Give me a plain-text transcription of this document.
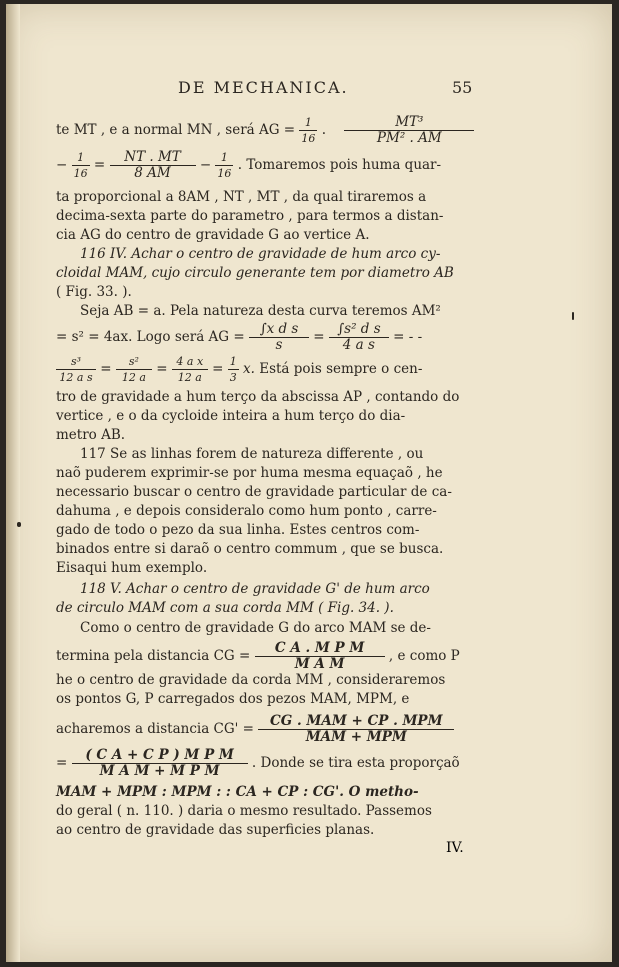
DE MECHANICA.	55
te MT , e a normal MN , será AG = $\frac{1}{16}$ . $\frac{\text{MT³}}{\text{PM² . AM}}$
− $\frac{1}{16} = \frac{NT . MT}{8 AM} - \frac{1}{16}$ . Tomaremos pois huma quar-
ta proporcional a 8AM , NT , MT , da qual tiraremos a
decima-sexta parte do parametro , para termos a distan-
cia AG do centro de gravidade G ao vertice A.
116 IV. Achar o centro de gravidade de hum arco cy-
cloidal MAM, cujo circulo generante tem por diametro AB
( Fig. 33. ).
Seja AB = a. Pela natureza desta curva teremos AM²
= s² = 4ax. Logo será AG = $\frac{\text{∫x d s}}{s} = \frac{\text{∫s² d s}}{\text{4 a s}}$ = - -
$\frac{\text{s³}}{\text{12 a s}} = \frac{\text{s²}}{12 a} = \frac{\text{4 a x}}{12 a} = \frac{1}{3} x$. Está pois sempre o cen-
tro de gravidade a hum terço da abscissa AP , contando do
vertice , e o da cycloide inteira a hum terço do dia-
metro AB.
117 Se as linhas forem de natureza differente , ou
naõ puderem exprimir-se por huma mesma equaçaõ , he
necessario buscar o centro de gravidade particular de ca-
dahuma , e depois consideralo como hum ponto , carre-
gado de todo o pezo da sua linha. Estes centros com-
binados entre si daraõ o centro commum , que se busca.
Eisaqui hum exemplo.
118 V. Achar o centro de gravidade G' de hum arco
de circulo MAM com a sua corda MM ( Fig. 34. ).
Como o centro de gravidade G do arco MAM se de-
termina pela distancia CG = $\frac{\text{C A . M P M}}{\text{M A M}}$ , e como P
he o centro de gravidade da corda MM , consideraremos
os pontos G, P carregados dos pezos MAM, MPM, e
acharemos a distancia $CG' = \frac{\text{CG . MAM + CP . MPM}}{\text{MAM + MPM}}$
= $\frac{\text{( C A + C P ) M P M}}{\text{M A M + M P M}}$ . Donde se tira esta proporçaõ
MAM + MPM : MPM : : CA + CP : CG'. O metho-
do geral ( n. 110. ) daria o mesmo resultado. Passemos
ao centro de gravidade das superficies planas.
IV.
